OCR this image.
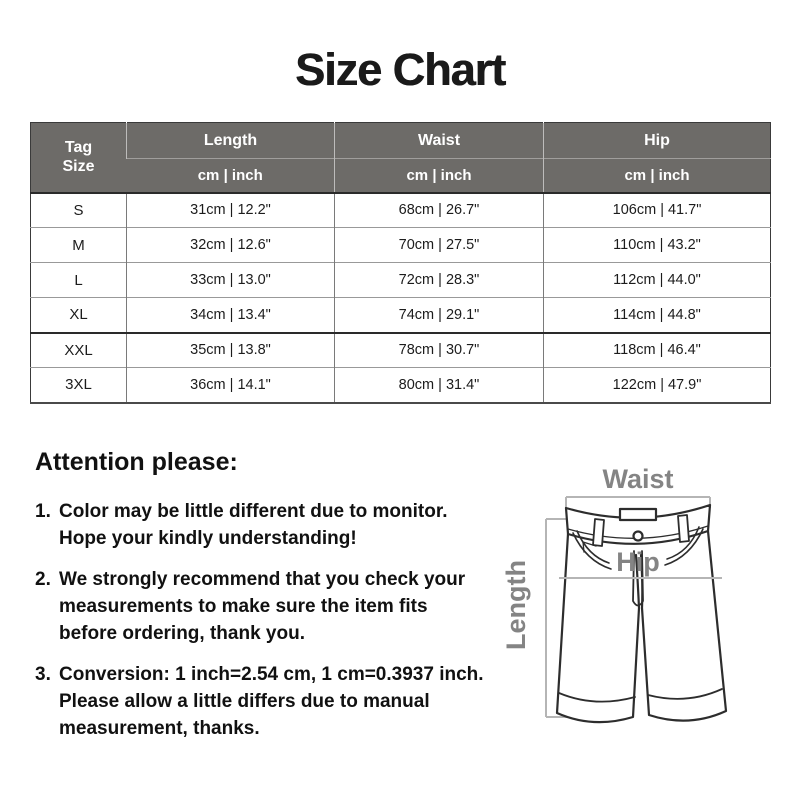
Size Chart
Tag
Size	Length	Waist	Hip
	cm | inch	cm | inch	cm | inch
S	31cm | 12.2"	68cm | 26.7"	106cm | 41.7"
M	32cm | 12.6"	70cm | 27.5"	110cm | 43.2"
L	33cm | 13.0"	72cm | 28.3"	112cm | 44.0"
XL	34cm | 13.4"	74cm | 29.1"	114cm | 44.8"
XXL	35cm | 13.8"	78cm | 30.7"	118cm | 46.4"
3XL	36cm | 14.1"	80cm | 31.4"	122cm | 47.9"
Attention please:
1. Color may be little different due to monitor.
Hope your kindly understanding!
2. We strongly recommend that you check your
measurements to make sure the item fits
before ordering, thank you.
3. Conversion: 1 inch=2.54 cm, 1 cm=0.3937 inch.
Please allow a little differs due to manual
measurement, thanks.
Waist
Hip
Length
